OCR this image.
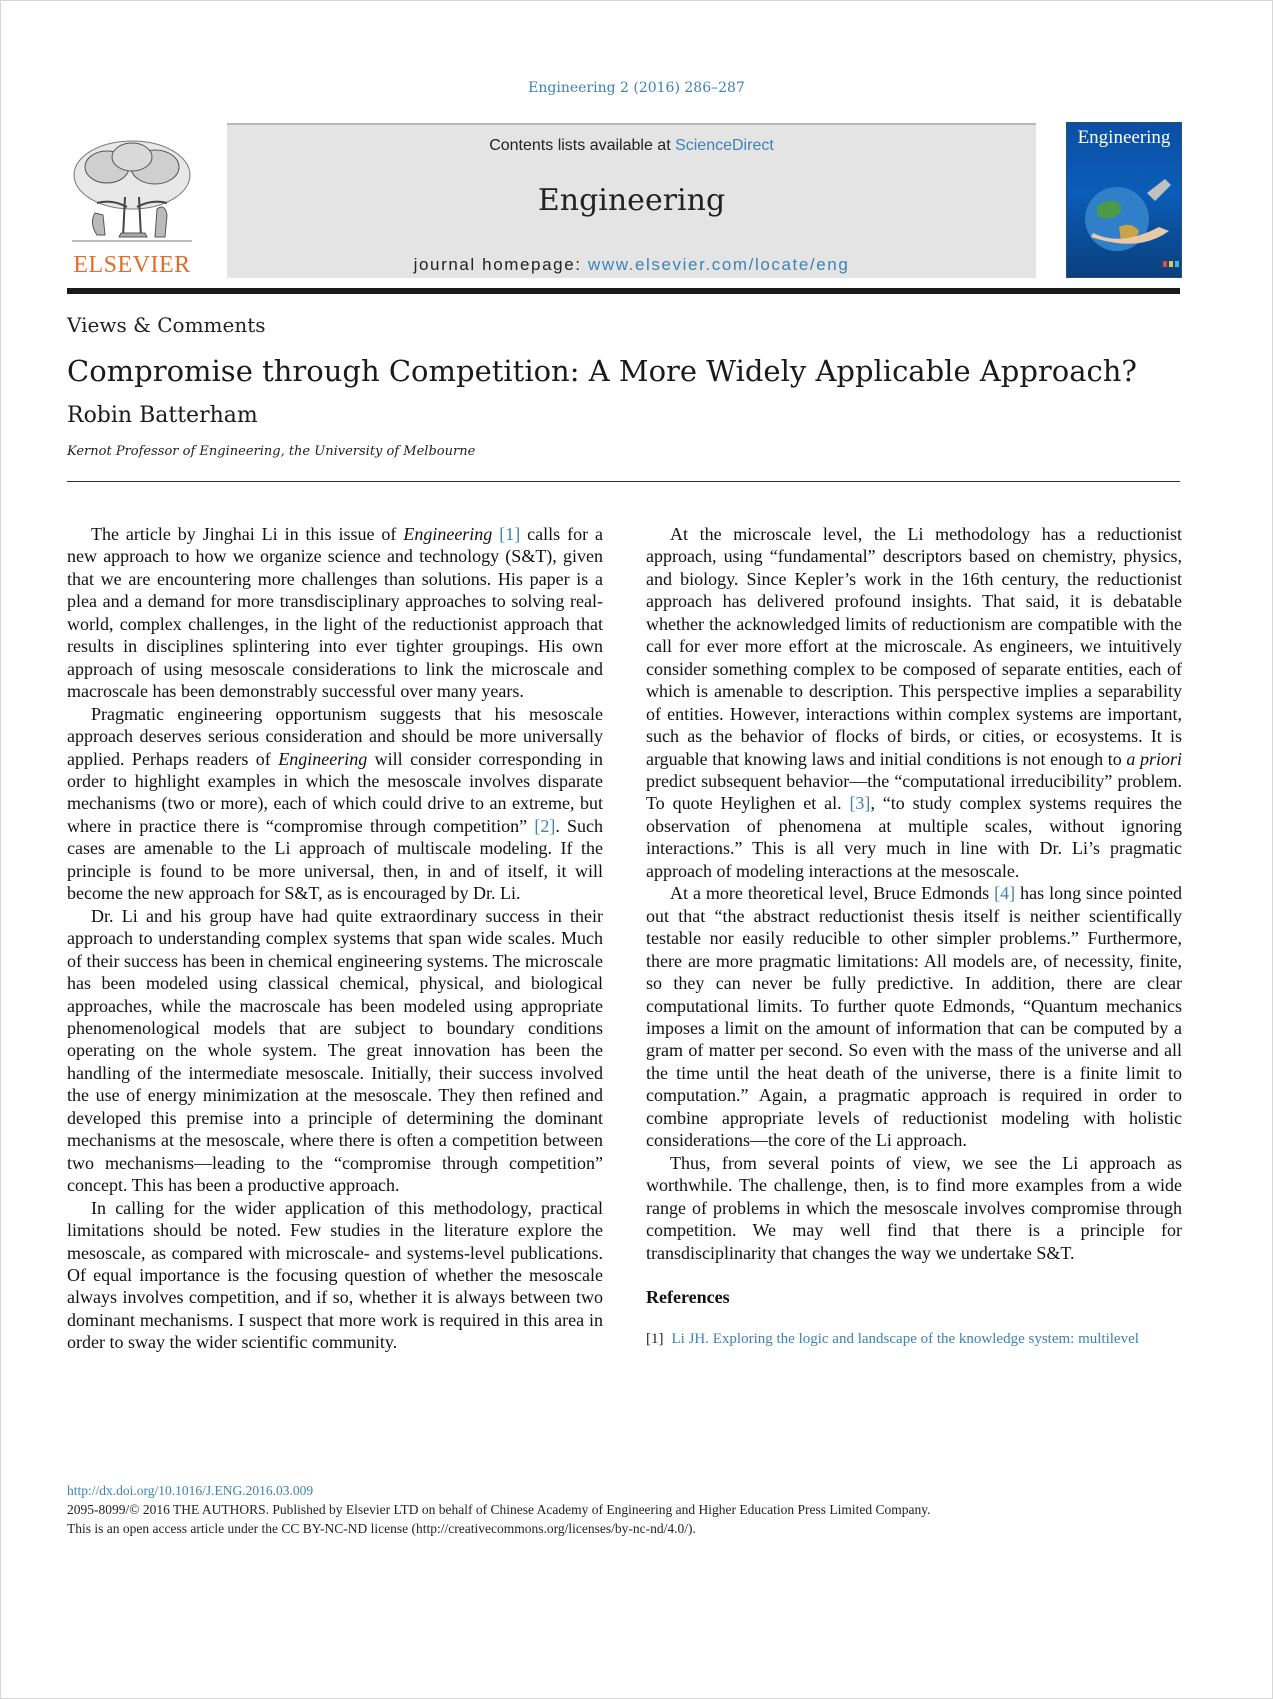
Engineering 2 (2016) 286–287
ELSEVIER
Contents lists available at ScienceDirect
Engineering
journal homepage: www.elsevier.com/locate/eng
Engineering
Views & Comments
Compromise through Competition: A More Widely Applicable Approach?
Robin Batterham
Kernot Professor of Engineering, the University of Melbourne

The article by Jinghai Li in this issue of Engineering [1] calls for a new approach to how we organize science and technology (S&T), given that we are encountering more challenges than solutions. His paper is a plea and a demand for more transdisciplinary approaches to solving real-world, complex challenges, in the light of the reductionist approach that results in disciplines splintering into ever tighter groupings. His own approach of using mesoscale considerations to link the microscale and macroscale has been demonstrably successful over many years.

Pragmatic engineering opportunism suggests that his mesoscale approach deserves serious consideration and should be more universally applied. Perhaps readers of Engineering will consider corresponding in order to highlight examples in which the mesoscale involves disparate mechanisms (two or more), each of which could drive to an extreme, but where in practice there is “compromise through competition” [2]. Such cases are amenable to the Li approach of multiscale modeling. If the principle is found to be more universal, then, in and of itself, it will become the new approach for S&T, as is encouraged by Dr. Li.

Dr. Li and his group have had quite extraordinary success in their approach to understanding complex systems that span wide scales. Much of their success has been in chemical engineering systems. The microscale has been modeled using classical chemical, physical, and biological approaches, while the macroscale has been modeled using appropriate phenomenological models that are subject to boundary conditions operating on the whole system. The great innovation has been the handling of the intermediate mesoscale. Initially, their success involved the use of energy minimization at the mesoscale. They then refined and developed this premise into a principle of determining the dominant mechanisms at the mesoscale, where there is often a competition between two mechanisms—leading to the “compromise through competition” concept. This has been a productive approach.

In calling for the wider application of this methodology, practical limitations should be noted. Few studies in the literature explore the mesoscale, as compared with microscale- and systems-level publications. Of equal importance is the focusing question of whether the mesoscale always involves competition, and if so, whether it is always between two dominant mechanisms. I suspect that more work is required in this area in order to sway the wider scientific community.

At the microscale level, the Li methodology has a reductionist approach, using “fundamental” descriptors based on chemistry, physics, and biology. Since Kepler’s work in the 16th century, the reductionist approach has delivered profound insights. That said, it is debatable whether the acknowledged limits of reductionism are compatible with the call for ever more effort at the microscale. As engineers, we intuitively consider something complex to be composed of separate entities, each of which is amenable to description. This perspective implies a separability of entities. However, interactions within complex systems are important, such as the behavior of flocks of birds, or cities, or ecosystems. It is arguable that knowing laws and initial conditions is not enough to a priori predict subsequent behavior—the “computational irreducibility” problem. To quote Heylighen et al. [3], “to study complex systems requires the observation of phenomena at multiple scales, without ignoring interactions.” This is all very much in line with Dr. Li’s pragmatic approach of modeling interactions at the mesoscale.

At a more theoretical level, Bruce Edmonds [4] has long since pointed out that “the abstract reductionist thesis itself is neither scientifically testable nor easily reducible to other simpler problems.” Furthermore, there are more pragmatic limitations: All models are, of necessity, finite, so they can never be fully predictive. In addition, there are clear computational limits. To further quote Edmonds, “Quantum mechanics imposes a limit on the amount of information that can be computed by a gram of matter per second. So even with the mass of the universe and all the time until the heat death of the universe, there is a finite limit to computation.” Again, a pragmatic approach is required in order to combine appropriate levels of reductionist modeling with holistic considerations—the core of the Li approach.

Thus, from several points of view, we see the Li approach as worthwhile. The challenge, then, is to find more examples from a wide range of problems in which the mesoscale involves compromise through competition. We may well find that there is a principle for transdisciplinarity that changes the way we undertake S&T.

References
[1] Li JH. Exploring the logic and landscape of the knowledge system: multilevel
http://dx.doi.org/10.1016/J.ENG.2016.03.009
2095-8099/© 2016 THE AUTHORS. Published by Elsevier LTD on behalf of Chinese Academy of Engineering and Higher Education Press Limited Company.
This is an open access article under the CC BY-NC-ND license (http://creativecommons.org/licenses/by-nc-nd/4.0/).
